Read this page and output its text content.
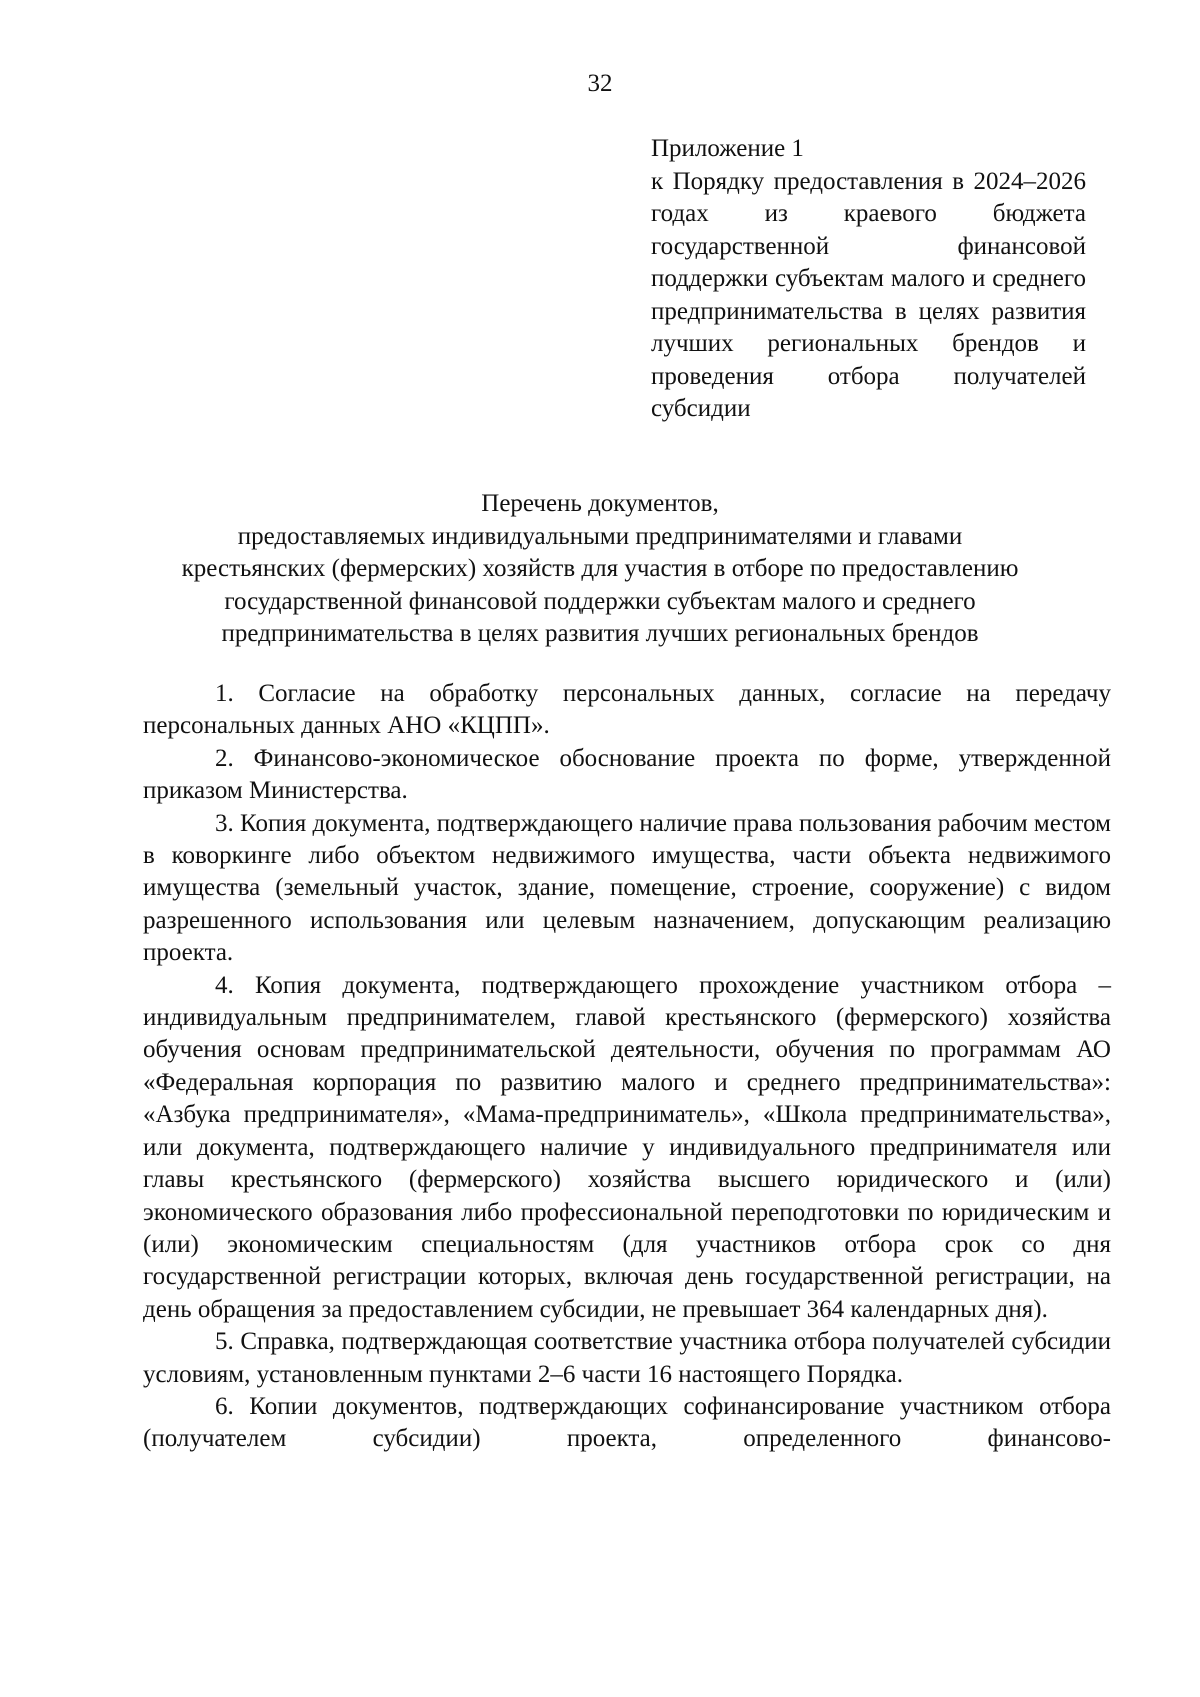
32
Приложение 1
к Порядку предоставления в 2024–2026 годах из краевого бюджета государственной финансовой поддержки субъектам малого и среднего предпринимательства в целях развития лучших региональных брендов и проведения отбора получателей субсидии
Перечень документов,
предоставляемых индивидуальными предпринимателями и главами
крестьянских (фермерских) хозяйств для участия в отборе по предоставлению
государственной финансовой поддержки субъектам малого и среднего
предпринимательства в целях развития лучших региональных брендов

1. Согласие на обработку персональных данных, согласие на передачу персональных данных АНО «КЦПП».

2. Финансово-экономическое обоснование проекта по форме, утвержденной приказом Министерства.

3. Копия документа, подтверждающего наличие права пользования рабочим местом в коворкинге либо объектом недвижимого имущества, части объекта недвижимого имущества (земельный участок, здание, помещение, строение, сооружение) с видом разрешенного использования или целевым назначением, допускающим реализацию проекта.

4. Копия документа, подтверждающего прохождение участником отбора – индивидуальным предпринимателем, главой крестьянского (фермерского) хозяйства обучения основам предпринимательской деятельности, обучения по программам АО «Федеральная корпорация по развитию малого и среднего предпринимательства»: «Азбука предпринимателя», «Мама-предприниматель», «Школа предпринимательства», или документа, подтверждающего наличие у индивидуального предпринимателя или главы крестьянского (фермерского) хозяйства высшего юридического и (или) экономического образования либо профессиональной переподготовки по юридическим и (или) экономическим специальностям (для участников отбора срок со дня государственной регистрации которых, включая день государственной регистрации, на день обращения за предоставлением субсидии, не превышает 364 календарных дня).

5. Справка, подтверждающая соответствие участника отбора получателей субсидии условиям, установленным пунктами 2–6 части 16 настоящего Порядка.

6. Копии документов, подтверждающих софинансирование участником отбора (получателем субсидии) проекта, определенного финансово-
